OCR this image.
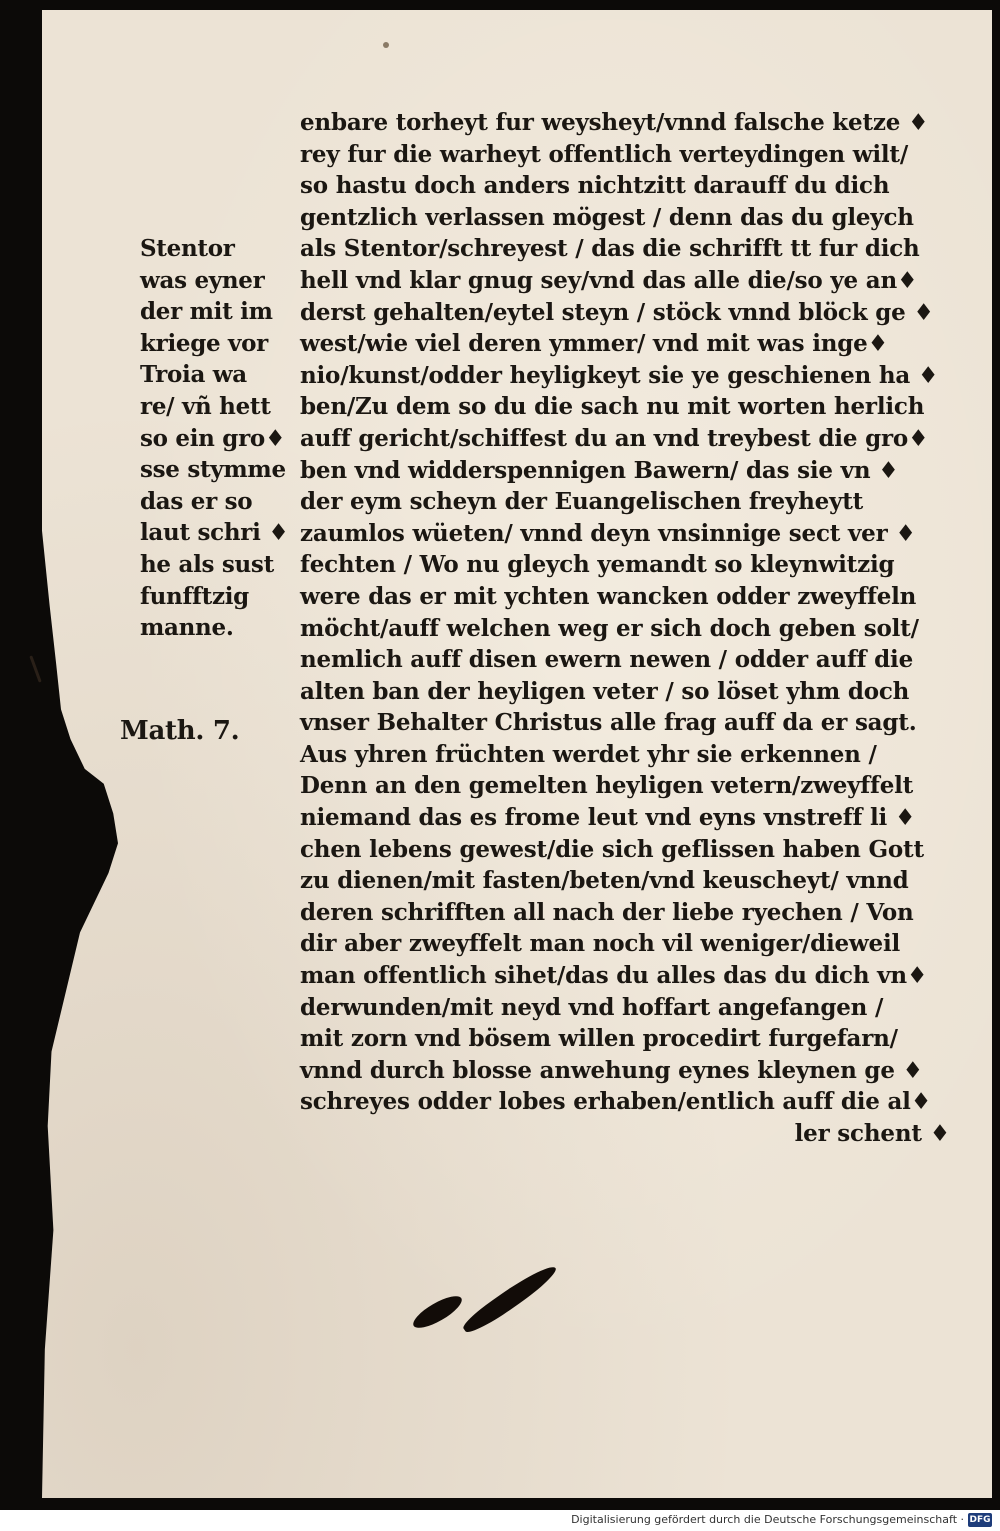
Stentor
was eyner
der mit im
kriege vor
Troia wa
re/ vñ hett
so ein gro♦
sse stymme
das er so
laut schri ♦
he als sust
funfftzig
manne.
Math. 7.
enbare torheyt fur weysheyt/vnnd falsche ketze ♦
rey fur die warheyt offentlich verteydingen wilt/
so hastu doch anders nichtzitt darauff du dich
gentzlich verlassen mögest / denn das du gleych
als Stentor/schreyest / das die schrifft tt fur dich
hell vnd klar gnug sey/vnd das alle die/so ye an♦
derst gehalten/eytel steyn / stöck vnnd blöck ge ♦
west/wie viel deren ymmer/ vnd mit was inge♦
nio/kunst/odder heyligkeyt sie ye geschienen ha ♦
ben/Zu dem so du die sach nu mit worten herlich
auff gericht/schiffest du an vnd treybest die gro♦
ben vnd widderspennigen Bawern/ das sie vn ♦
der eym scheyn der Euangelischen freyheytt
zaumlos wüeten/ vnnd deyn vnsinnige sect ver ♦
fechten / Wo nu gleych yemandt so kleynwitzig
were das er mit ychten wancken odder zweyffeln
möcht/auff welchen weg er sich doch geben solt/
nemlich auff disen ewern newen / odder auff die
alten ban der heyligen veter / so löset yhm doch
vnser Behalter Christus alle frag auff da er sagt.
Aus yhren früchten werdet yhr sie erkennen /
Denn an den gemelten heyligen vetern/zweyffelt
niemand das es frome leut vnd eyns vnstreff li ♦
chen lebens gewest/die sich geflissen haben Gott
zu dienen/mit fasten/beten/vnd keuscheyt/ vnnd
deren schrifften all nach der liebe ryechen / Von
dir aber zweyffelt man noch vil weniger/dieweil
man offentlich sihet/das du alles das du dich vn♦
derwunden/mit neyd vnd hoffart angefangen /
mit zorn vnd bösem willen procedirt furgefarn/
vnnd durch blosse anwehung eynes kleynen ge ♦
schreyes odder lobes erhaben/entlich auff die al♦
ler schent ♦
Digitalisierung gefördert durch die Deutsche Forschungsgemeinschaft · DFG
